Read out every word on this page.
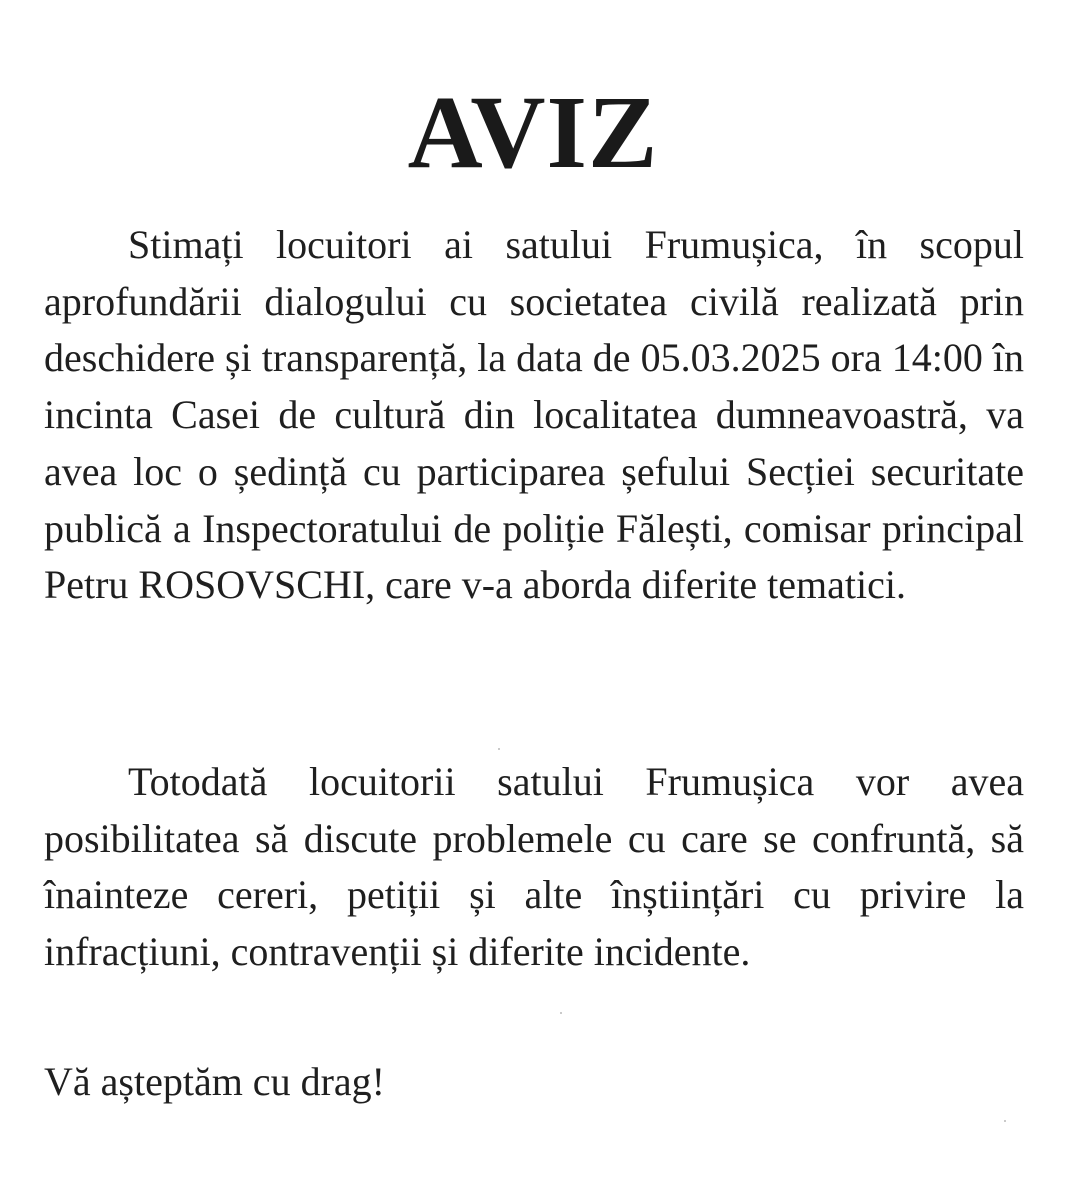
AVIZ

Stimați locuitori ai satului Frumușica, în scopul aprofundării dialogului cu societatea civilă realizată prin deschidere și transparență, la data de 05.03.2025 ora 14:00 în incinta Casei de cultură din localitatea dumneavoastră, va avea loc o ședință cu participarea șefului Secției securitate publică a Inspectoratului de poliție Fălești, comisar principal Petru ROSOVSCHI, care v-a aborda diferite tematici.

Totodată locuitorii satului Frumușica vor avea posibilitatea să discute problemele cu care se confruntă, să înainteze cereri, petiții și alte înștiințări cu privire la infracțiuni, contravenții și diferite incidente.

Vă așteptăm cu drag!
